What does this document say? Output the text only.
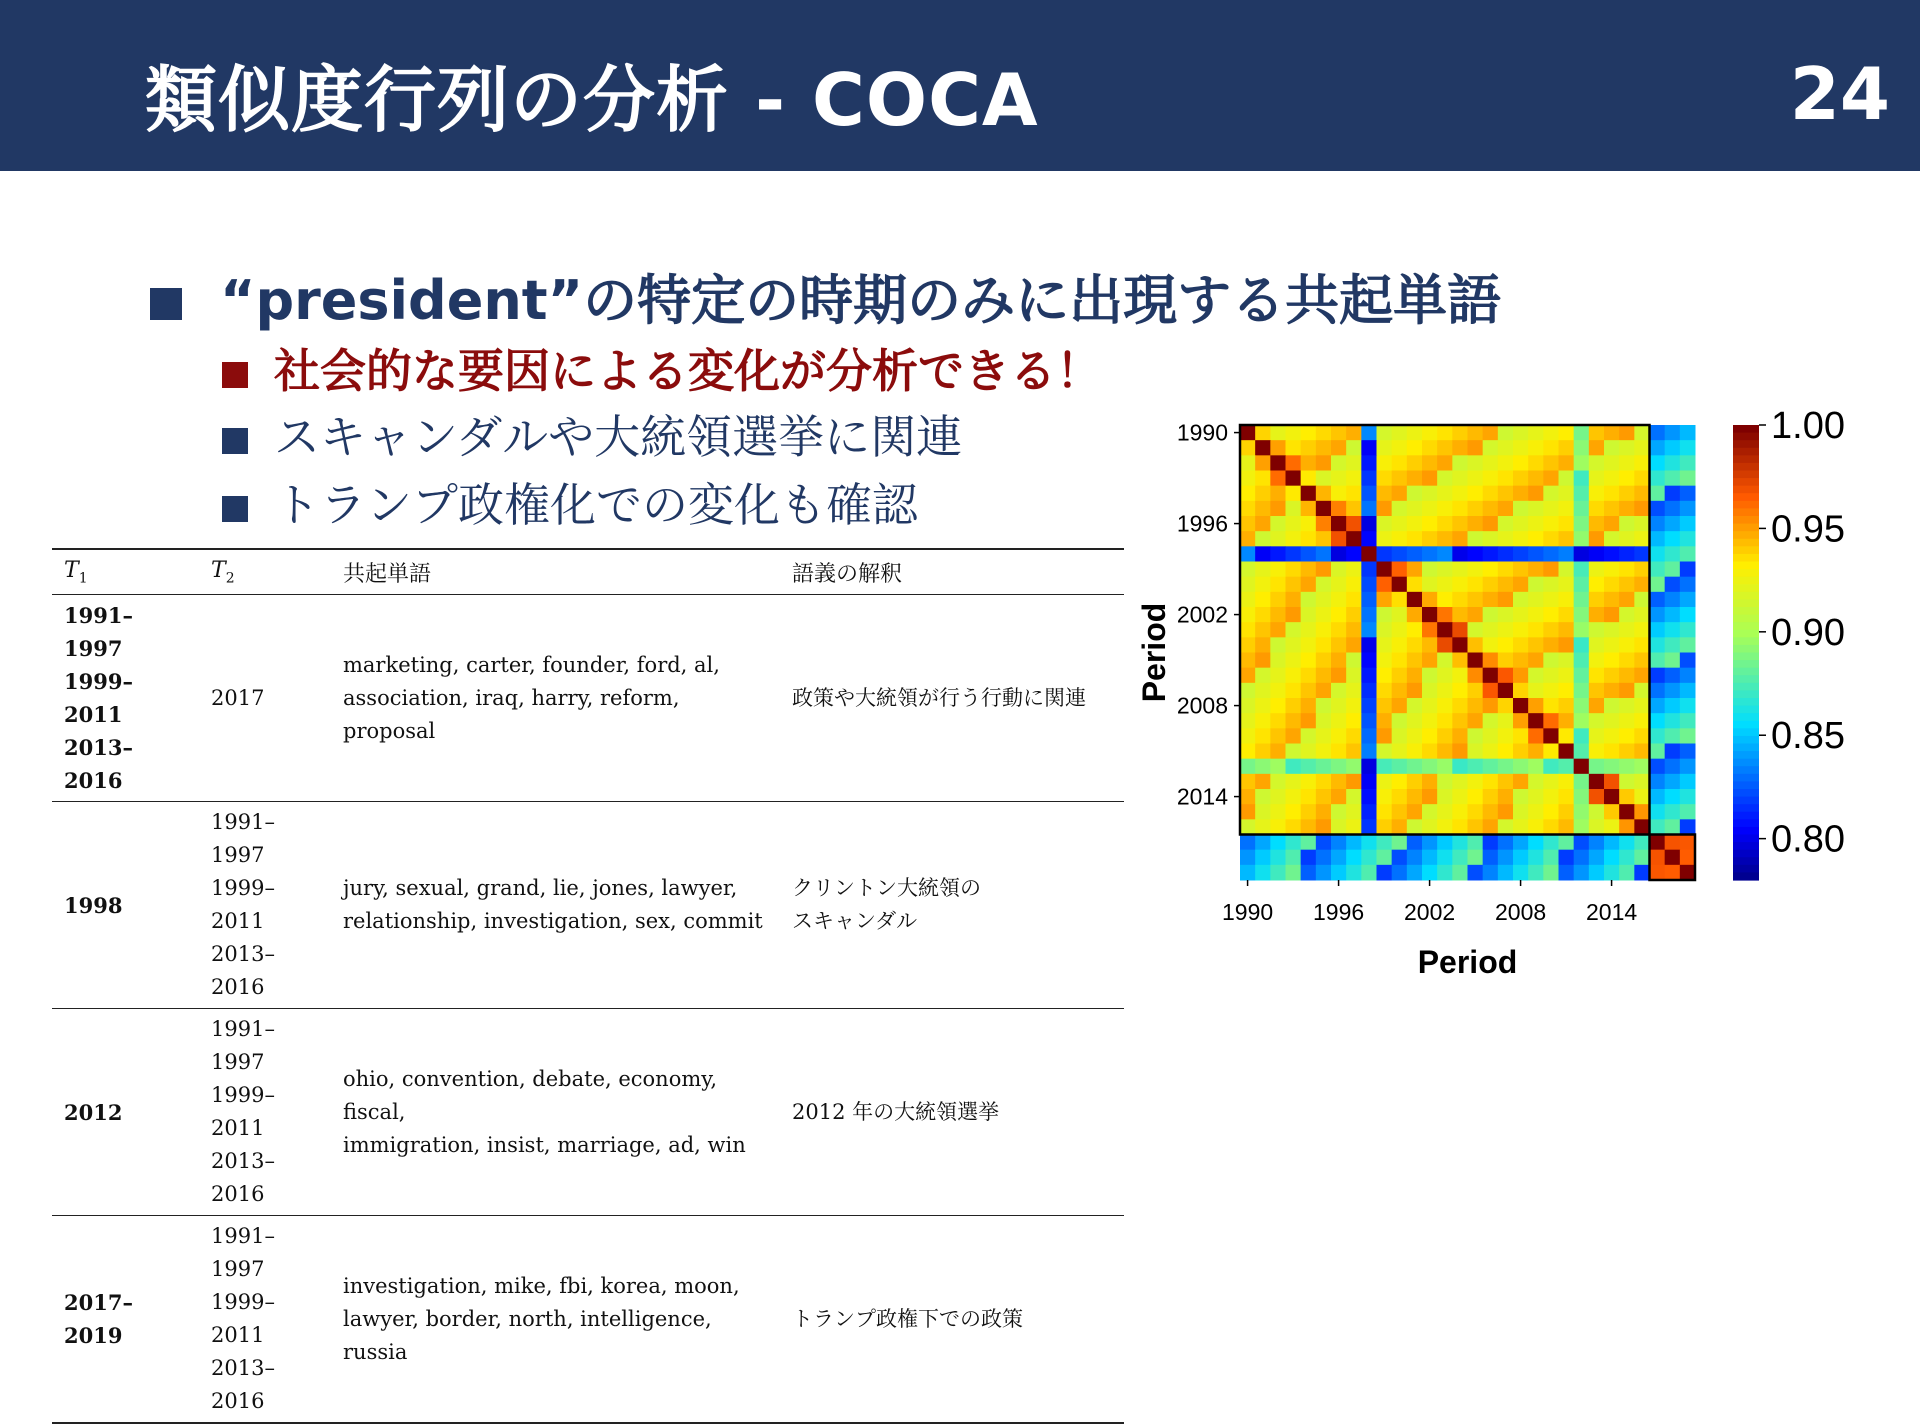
類似度行列の分析 - COCA	24
“president”の特定の時期のみに出現する共起単語
社会的な要因による変化が分析できる！
スキャンダルや大統領選挙に関連
トランプ政権化での変化も確認
$T_1$	$T_2$	共起単語	語義の解釈

1991–1997
1999–2011
2013–2016	2017	marketing, carter, founder, ford, al,
association, iraq, harry, reform, proposal	政策や大統領が行う行動に関連

1998	1991–1997
1999–2011
2013–2016	jury, sexual, grand, lie, jones, lawyer,
relationship, investigation, sex, commit	クリントン大統領の
スキャンダル

2012	1991–1997
1999–2011
2013–2016	ohio, convention, debate, economy, fiscal,
immigration, insist, marriage, ad, win	2012 年の大統領選挙

2017–2019	1991–1997
1999–2011
2013–2016	investigation, mike, fbi, korea, moon,
lawyer, border, north, intelligence, russia	トランプ政権下での政策
1990
1996
2002
2008
2014
1990 1996 2002 2008 2014
Period
Period
1.00
0.95
0.90
0.85
0.80
